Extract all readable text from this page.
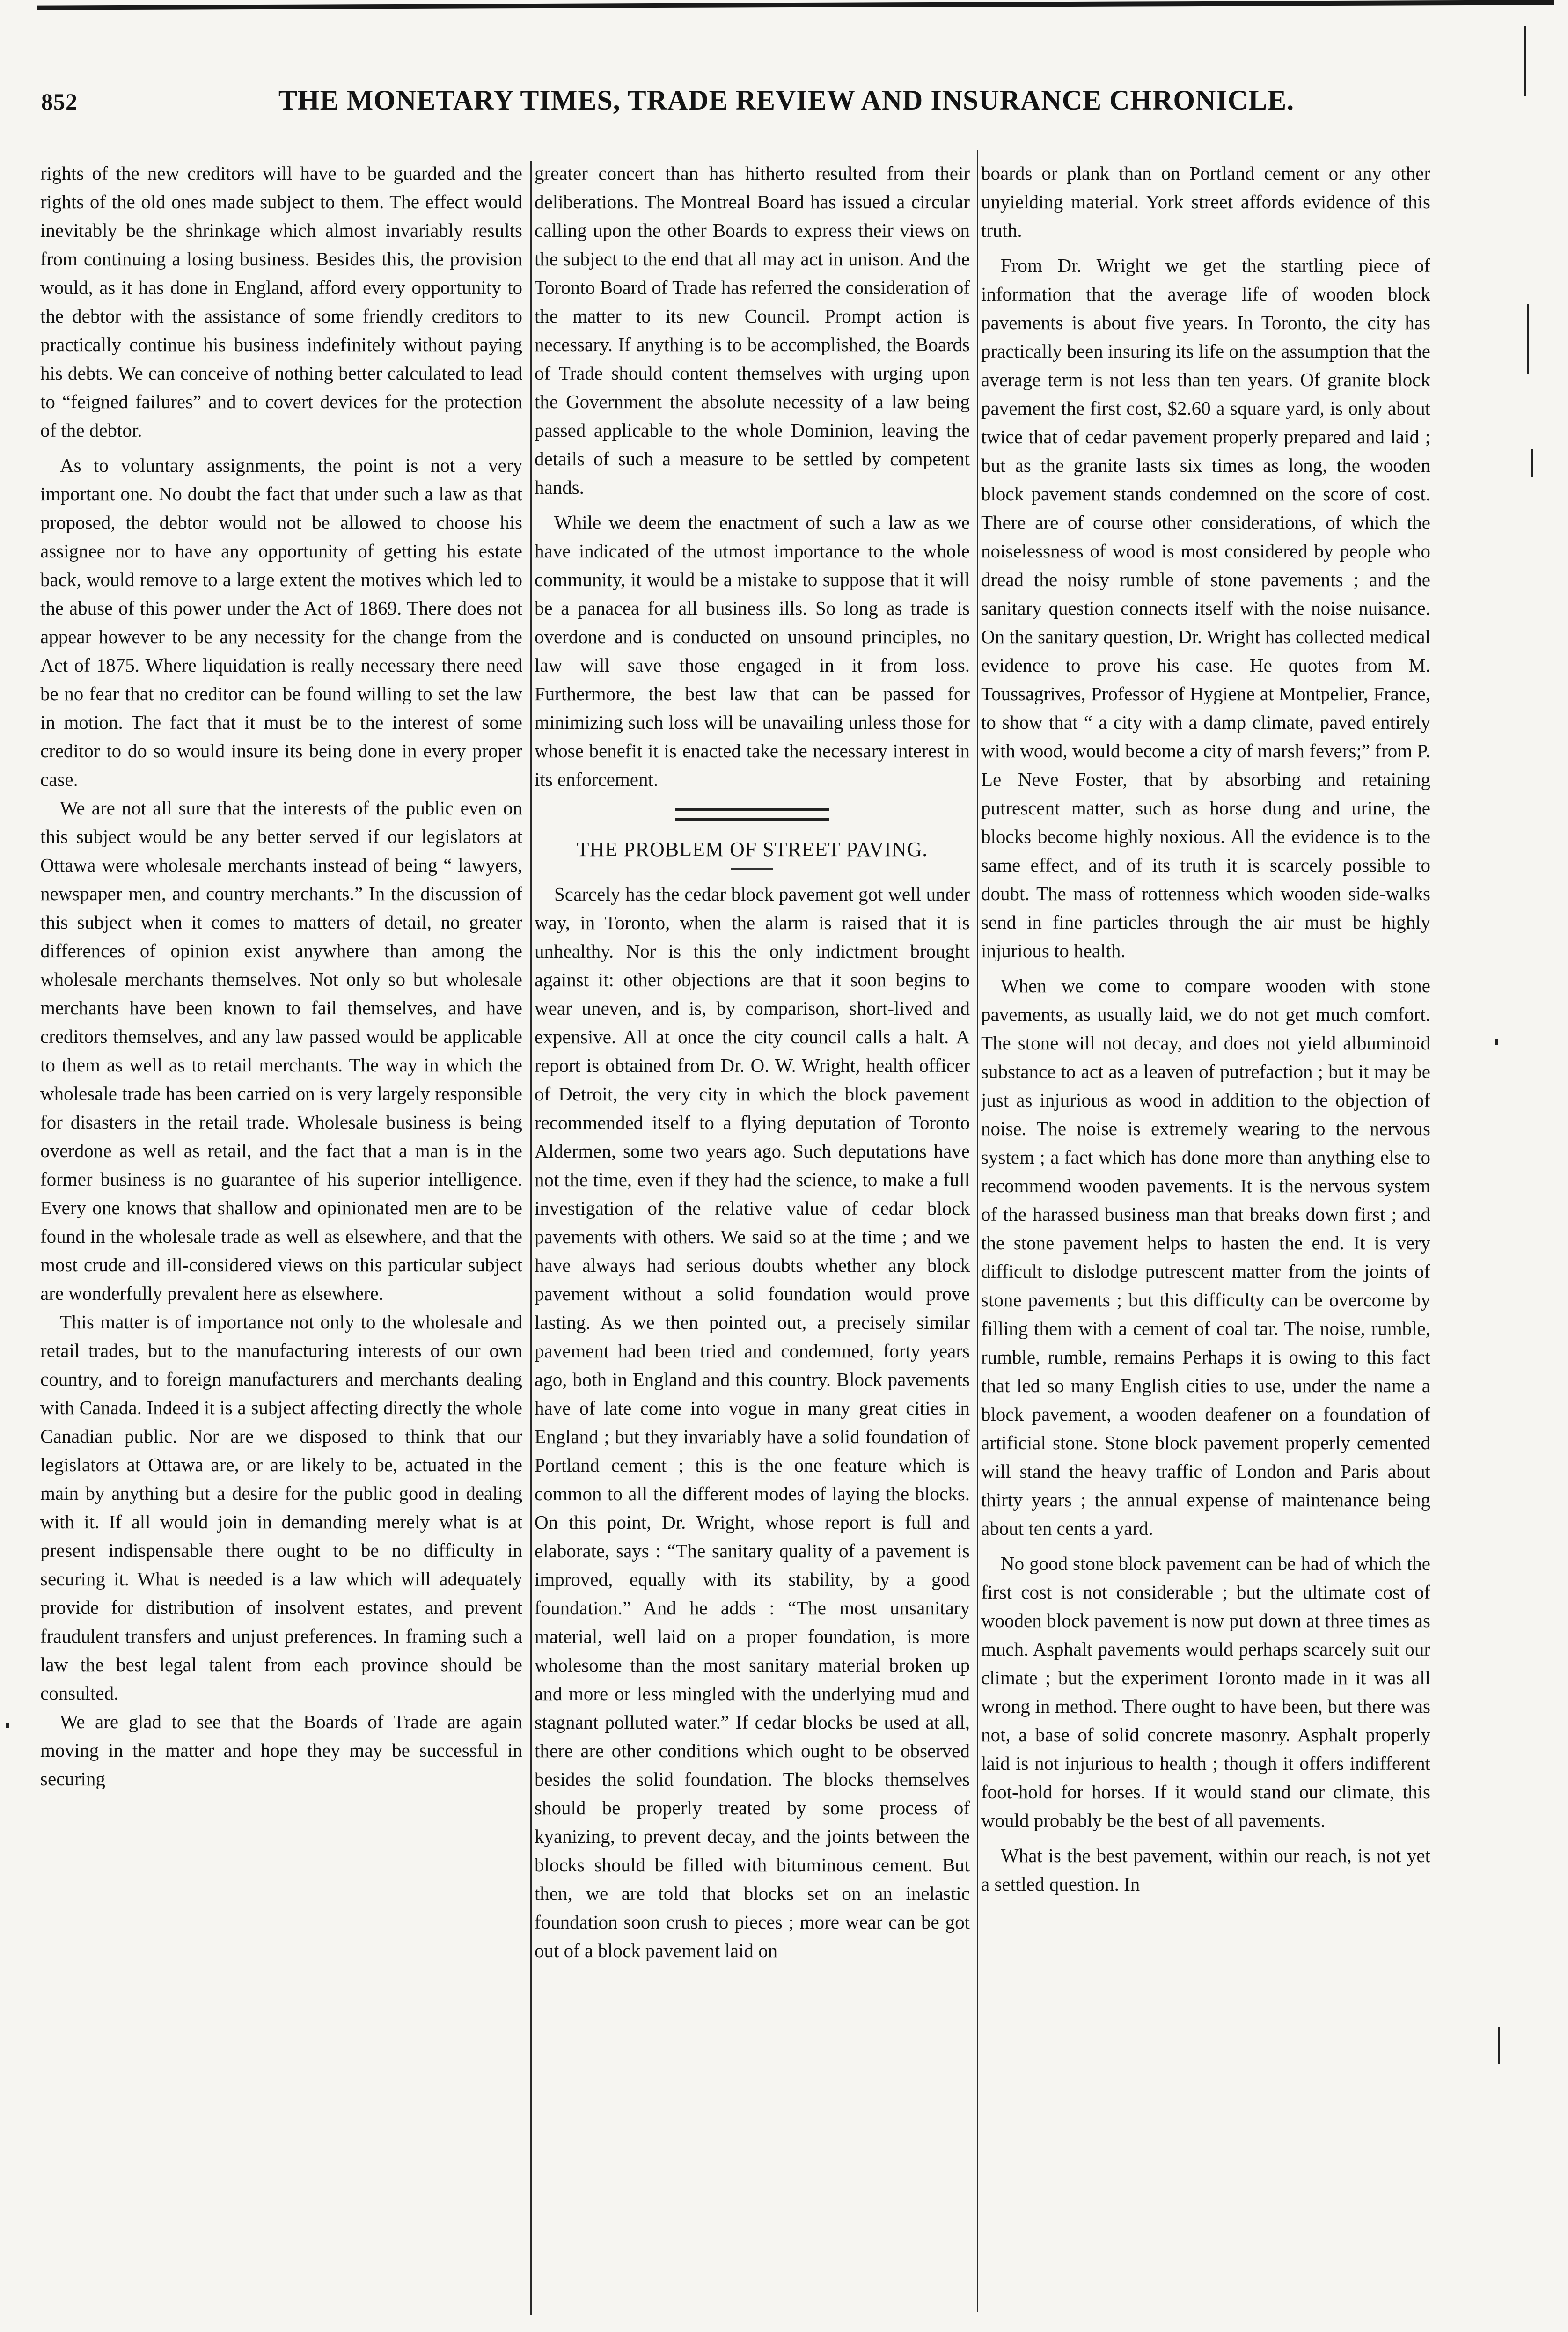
852	THE MONETARY TIMES, TRADE REVIEW AND INSURANCE CHRONICLE.

rights of the new creditors will have to be guarded and the rights of the old ones made subject to them. The effect would inevitably be the shrinkage which almost invariably results from continuing a losing business. Besides this, the provision would, as it has done in England, afford every opportunity to the debtor with the assistance of some friendly creditors to practically continue his business indefinitely without paying his debts. We can conceive of nothing better calculated to lead to “feigned failures” and to covert devices for the protection of the debtor.

As to voluntary assignments, the point is not a very important one. No doubt the fact that under such a law as that proposed, the debtor would not be allowed to choose his assignee nor to have any opportunity of getting his estate back, would remove to a large extent the motives which led to the abuse of this power under the Act of 1869. There does not appear however to be any necessity for the change from the Act of 1875. Where liquidation is really necessary there need be no fear that no creditor can be found willing to set the law in motion. The fact that it must be to the interest of some creditor to do so would insure its being done in every proper case.

We are not all sure that the interests of the public even on this subject would be any better served if our legislators at Ottawa were wholesale merchants instead of being “ lawyers, newspaper men, and country merchants.” In the discussion of this subject when it comes to matters of detail, no greater differences of opinion exist anywhere than among the wholesale merchants themselves. Not only so but wholesale merchants have been known to fail themselves, and have creditors themselves, and any law passed would be applicable to them as well as to retail merchants. The way in which the wholesale trade has been carried on is very largely responsible for disasters in the retail trade. Wholesale business is being overdone as well as retail, and the fact that a man is in the former business is no guarantee of his superior intelligence. Every one knows that shallow and opinionated men are to be found in the wholesale trade as well as elsewhere, and that the most crude and ill-considered views on this particular subject are wonderfully prevalent here as elsewhere.

This matter is of importance not only to the wholesale and retail trades, but to the manufacturing interests of our own country, and to foreign manufacturers and merchants dealing with Canada. Indeed it is a subject affecting directly the whole Canadian public. Nor are we disposed to think that our legislators at Ottawa are, or are likely to be, actuated in the main by anything but a desire for the public good in dealing with it. If all would join in demanding merely what is at present indispensable there ought to be no difficulty in securing it. What is needed is a law which will adequately provide for distribution of insolvent estates, and prevent fraudulent transfers and unjust preferences. In framing such a law the best legal talent from each province should be consulted.

We are glad to see that the Boards of Trade are again moving in the matter and hope they may be successful in securing

greater concert than has hitherto resulted from their deliberations. The Montreal Board has issued a circular calling upon the other Boards to express their views on the subject to the end that all may act in unison. And the Toronto Board of Trade has referred the consideration of the matter to its new Council. Prompt action is necessary. If anything is to be accomplished, the Boards of Trade should content themselves with urging upon the Government the absolute necessity of a law being passed applicable to the whole Dominion, leaving the details of such a measure to be settled by competent hands.

While we deem the enactment of such a law as we have indicated of the utmost importance to the whole community, it would be a mistake to suppose that it will be a panacea for all business ills. So long as trade is overdone and is conducted on unsound principles, no law will save those engaged in it from loss. Furthermore, the best law that can be passed for minimizing such loss will be unavailing unless those for whose benefit it is enacted take the necessary interest in its enforcement.

THE PROBLEM OF STREET PAVING.

Scarcely has the cedar block pavement got well under way, in Toronto, when the alarm is raised that it is unhealthy. Nor is this the only indictment brought against it: other objections are that it soon begins to wear uneven, and is, by comparison, short-lived and expensive. All at once the city council calls a halt. A report is obtained from Dr. O. W. Wright, health officer of Detroit, the very city in which the block pavement recommended itself to a flying deputation of Toronto Aldermen, some two years ago. Such deputations have not the time, even if they had the science, to make a full investigation of the relative value of cedar block pavements with others. We said so at the time ; and we have always had serious doubts whether any block pavement without a solid foundation would prove lasting. As we then pointed out, a precisely similar pavement had been tried and condemned, forty years ago, both in England and this country. Block pavements have of late come into vogue in many great cities in England ; but they invariably have a solid foundation of Portland cement ; this is the one feature which is common to all the different modes of laying the blocks. On this point, Dr. Wright, whose report is full and elaborate, says : “The sanitary quality of a pavement is improved, equally with its stability, by a good foundation.” And he adds : “The most unsanitary material, well laid on a proper foundation, is more wholesome than the most sanitary material broken up and more or less mingled with the underlying mud and stagnant polluted water.” If cedar blocks be used at all, there are other conditions which ought to be observed besides the solid foundation. The blocks themselves should be properly treated by some process of kyanizing, to prevent decay, and the joints between the blocks should be filled with bituminous cement. But then, we are told that blocks set on an inelastic foundation soon crush to pieces ; more wear can be got out of a block pavement laid on

boards or plank than on Portland cement or any other unyielding material. York street affords evidence of this truth.

From Dr. Wright we get the startling piece of information that the average life of wooden block pavements is about five years. In Toronto, the city has practically been insuring its life on the assumption that the average term is not less than ten years. Of granite block pavement the first cost, $2.60 a square yard, is only about twice that of cedar pavement properly prepared and laid ; but as the granite lasts six times as long, the wooden block pavement stands condemned on the score of cost. There are of course other considerations, of which the noiselessness of wood is most considered by people who dread the noisy rumble of stone pavements ; and the sanitary question connects itself with the noise nuisance. On the sanitary question, Dr. Wright has collected medical evidence to prove his case. He quotes from M. Toussagrives, Professor of Hygiene at Montpelier, France, to show that “ a city with a damp climate, paved entirely with wood, would become a city of marsh fevers;” from P. Le Neve Foster, that by absorbing and retaining putrescent matter, such as horse dung and urine, the blocks become highly noxious. All the evidence is to the same effect, and of its truth it is scarcely possible to doubt. The mass of rottenness which wooden side-walks send in fine particles through the air must be highly injurious to health.

When we come to compare wooden with stone pavements, as usually laid, we do not get much comfort. The stone will not decay, and does not yield albuminoid substance to act as a leaven of putrefaction ; but it may be just as injurious as wood in addition to the objection of noise. The noise is extremely wearing to the nervous system ; a fact which has done more than anything else to recommend wooden pavements. It is the nervous system of the harassed business man that breaks down first ; and the stone pavement helps to hasten the end. It is very difficult to dislodge putrescent matter from the joints of stone pavements ; but this difficulty can be overcome by filling them with a cement of coal tar. The noise, rumble, rumble, rumble, remains Perhaps it is owing to this fact that led so many English cities to use, under the name a block pavement, a wooden deafener on a foundation of artificial stone. Stone block pavement properly cemented will stand the heavy traffic of London and Paris about thirty years ; the annual expense of maintenance being about ten cents a yard.

No good stone block pavement can be had of which the first cost is not considerable ; but the ultimate cost of wooden block pavement is now put down at three times as much. Asphalt pavements would perhaps scarcely suit our climate ; but the experiment Toronto made in it was all wrong in method. There ought to have been, but there was not, a base of solid concrete masonry. Asphalt properly laid is not injurious to health ; though it offers indifferent foot-hold for horses. If it would stand our climate, this would probably be the best of all pavements.

What is the best pavement, within our reach, is not yet a settled question. In
